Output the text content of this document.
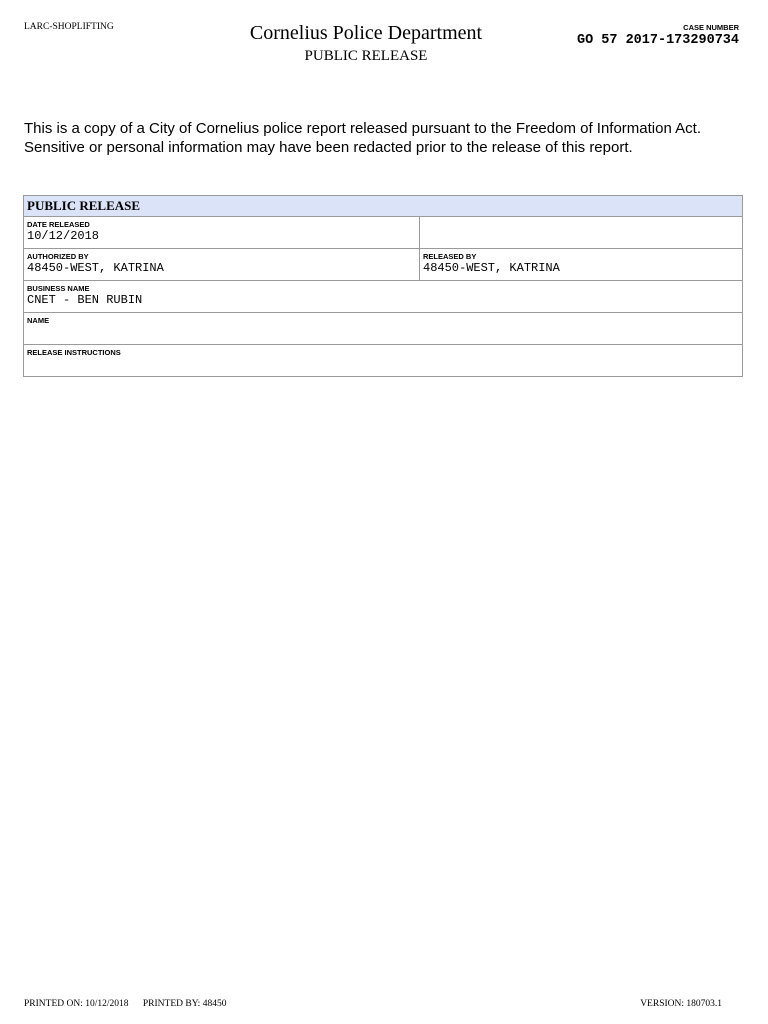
LARC-SHOPLIFTING	Cornelius Police Department
PUBLIC RELEASE
CASE NUMBER
GO 57 2017-173290734

This is a copy of a City of Cornelius police report released pursuant to the Freedom of Information Act.

Sensitive or personal information may have been redacted prior to the release of this report.

PUBLIC RELEASE
DATE RELEASED
10/12/2018
AUTHORIZED BY
48450-WEST, KATRINA
RELEASED BY
48450-WEST, KATRINA
BUSINESS NAME
CNET - BEN RUBIN
NAME
RELEASE INSTRUCTIONS
PRINTED ON: 10/12/2018 PRINTED BY: 48450	VERSION: 180703.1
